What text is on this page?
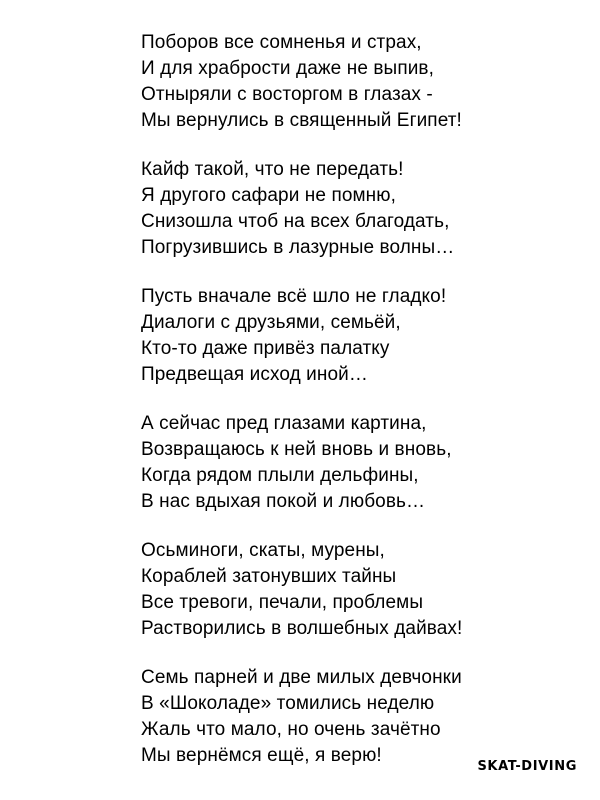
Поборов все сомненья и страх,
И для храбрости даже не выпив,
Отныряли с восторгом в глазах -
Мы вернулись в священный Египет!
Кайф такой, что не передать!
Я другого сафари не помню,
Снизошла чтоб на всех благодать,
Погрузившись в лазурные волны…
Пусть вначале всё шло не гладко!
Диалоги с друзьями, семьёй,
Кто-то даже привёз палатку
Предвещая исход иной…
А сейчас пред глазами картина,
Возвращаюсь к ней вновь и вновь,
Когда рядом плыли дельфины,
В нас вдыхая покой и любовь…
Осьминоги, скаты, мурены,
Кораблей затонувших тайны
Все тревоги, печали, проблемы
Растворились в волшебных дайвах!
Семь парней и две милых девчонки
В «Шоколаде» томились неделю
Жаль что мало, но очень зачётно
Мы вернёмся ещё, я верю!
SKAT-DIVING
